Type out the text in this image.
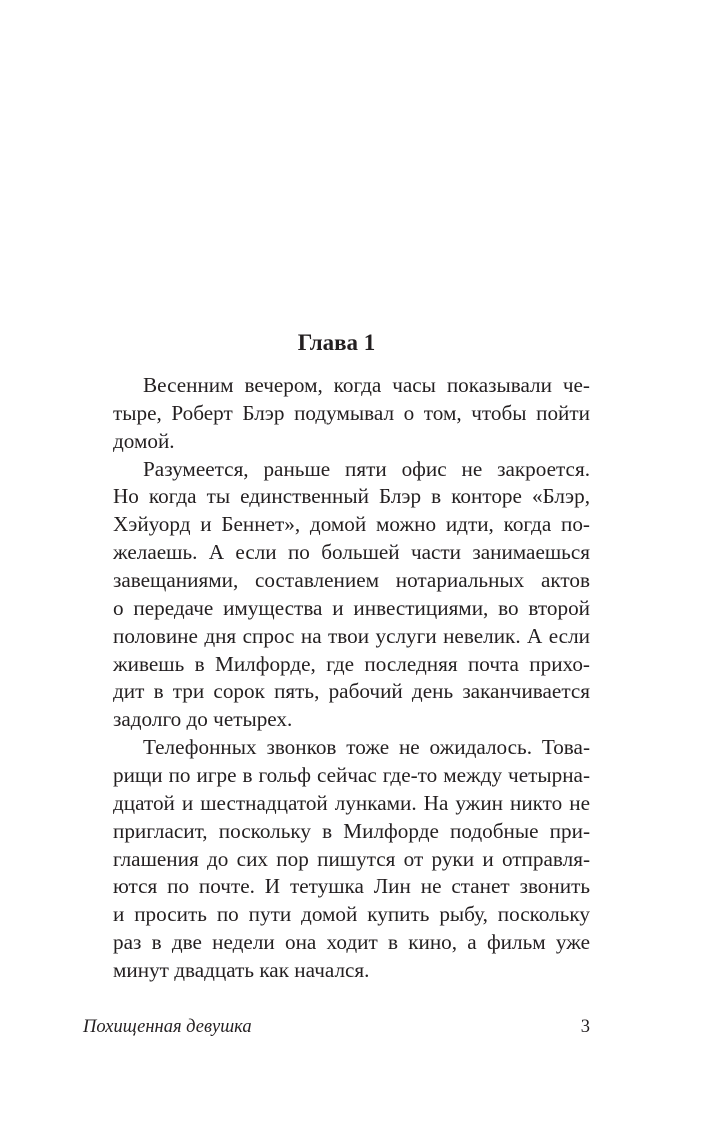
Глава 1
Весенним вечером, когда часы показывали че-
тыре, Роберт Блэр подумывал о том, чтобы пойти
домой.
Разумеется, раньше пяти офис не закроется.
Но когда ты единственный Блэр в конторе «Блэр,
Хэйуорд и Беннет», домой можно идти, когда по-
желаешь. А если по большей части занимаешься
завещаниями, составлением нотариальных актов
о передаче имущества и инвестициями, во второй
половине дня спрос на твои услуги невелик. А если
живешь в Милфорде, где последняя почта прихо-
дит в три сорок пять, рабочий день заканчивается
задолго до четырех.
Телефонных звонков тоже не ожидалось. Това-
рищи по игре в гольф сейчас где-то между четырна-
дцатой и шестнадцатой лунками. На ужин никто не
пригласит, поскольку в Милфорде подобные при-
глашения до сих пор пишутся от руки и отправля-
ются по почте. И тетушка Лин не станет звонить
и просить по пути домой купить рыбу, поскольку
раз в две недели она ходит в кино, а фильм уже
минут двадцать как начался.
Похищенная девушка	3
